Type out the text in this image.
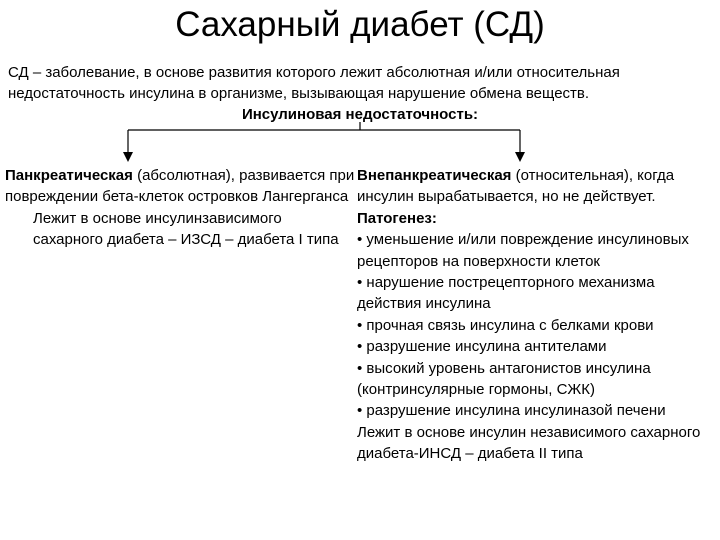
Сахарный диабет (СД)
СД – заболевание, в основе развития которого лежит абсолютная и/или относительная недостаточность инсулина в организме, вызывающая нарушение обмена веществ.
Инсулиновая недостаточность:
Панкреатическая (абсолютная), развивается при повреждении бета-клеток островков Лангерганса
Лежит в основе инсулинзависимого сахарного диабета – ИЗСД – диабета I типа
Внепанкреатическая (относительная), когда инсулин вырабатывается, но не действует.
Патогенез:
• уменьшение и/или повреждение инсулиновых рецепторов на поверхности клеток
• нарушение пострецепторного механизма действия инсулина
• прочная связь инсулина с белками крови
• разрушение инсулина антителами
• высокий уровень антагонистов инсулина (контринсулярные гормоны, СЖК)
• разрушение инсулина инсулиназой печени
Лежит в основе инсулин независимого сахарного диабета-ИНСД – диабета II типа
